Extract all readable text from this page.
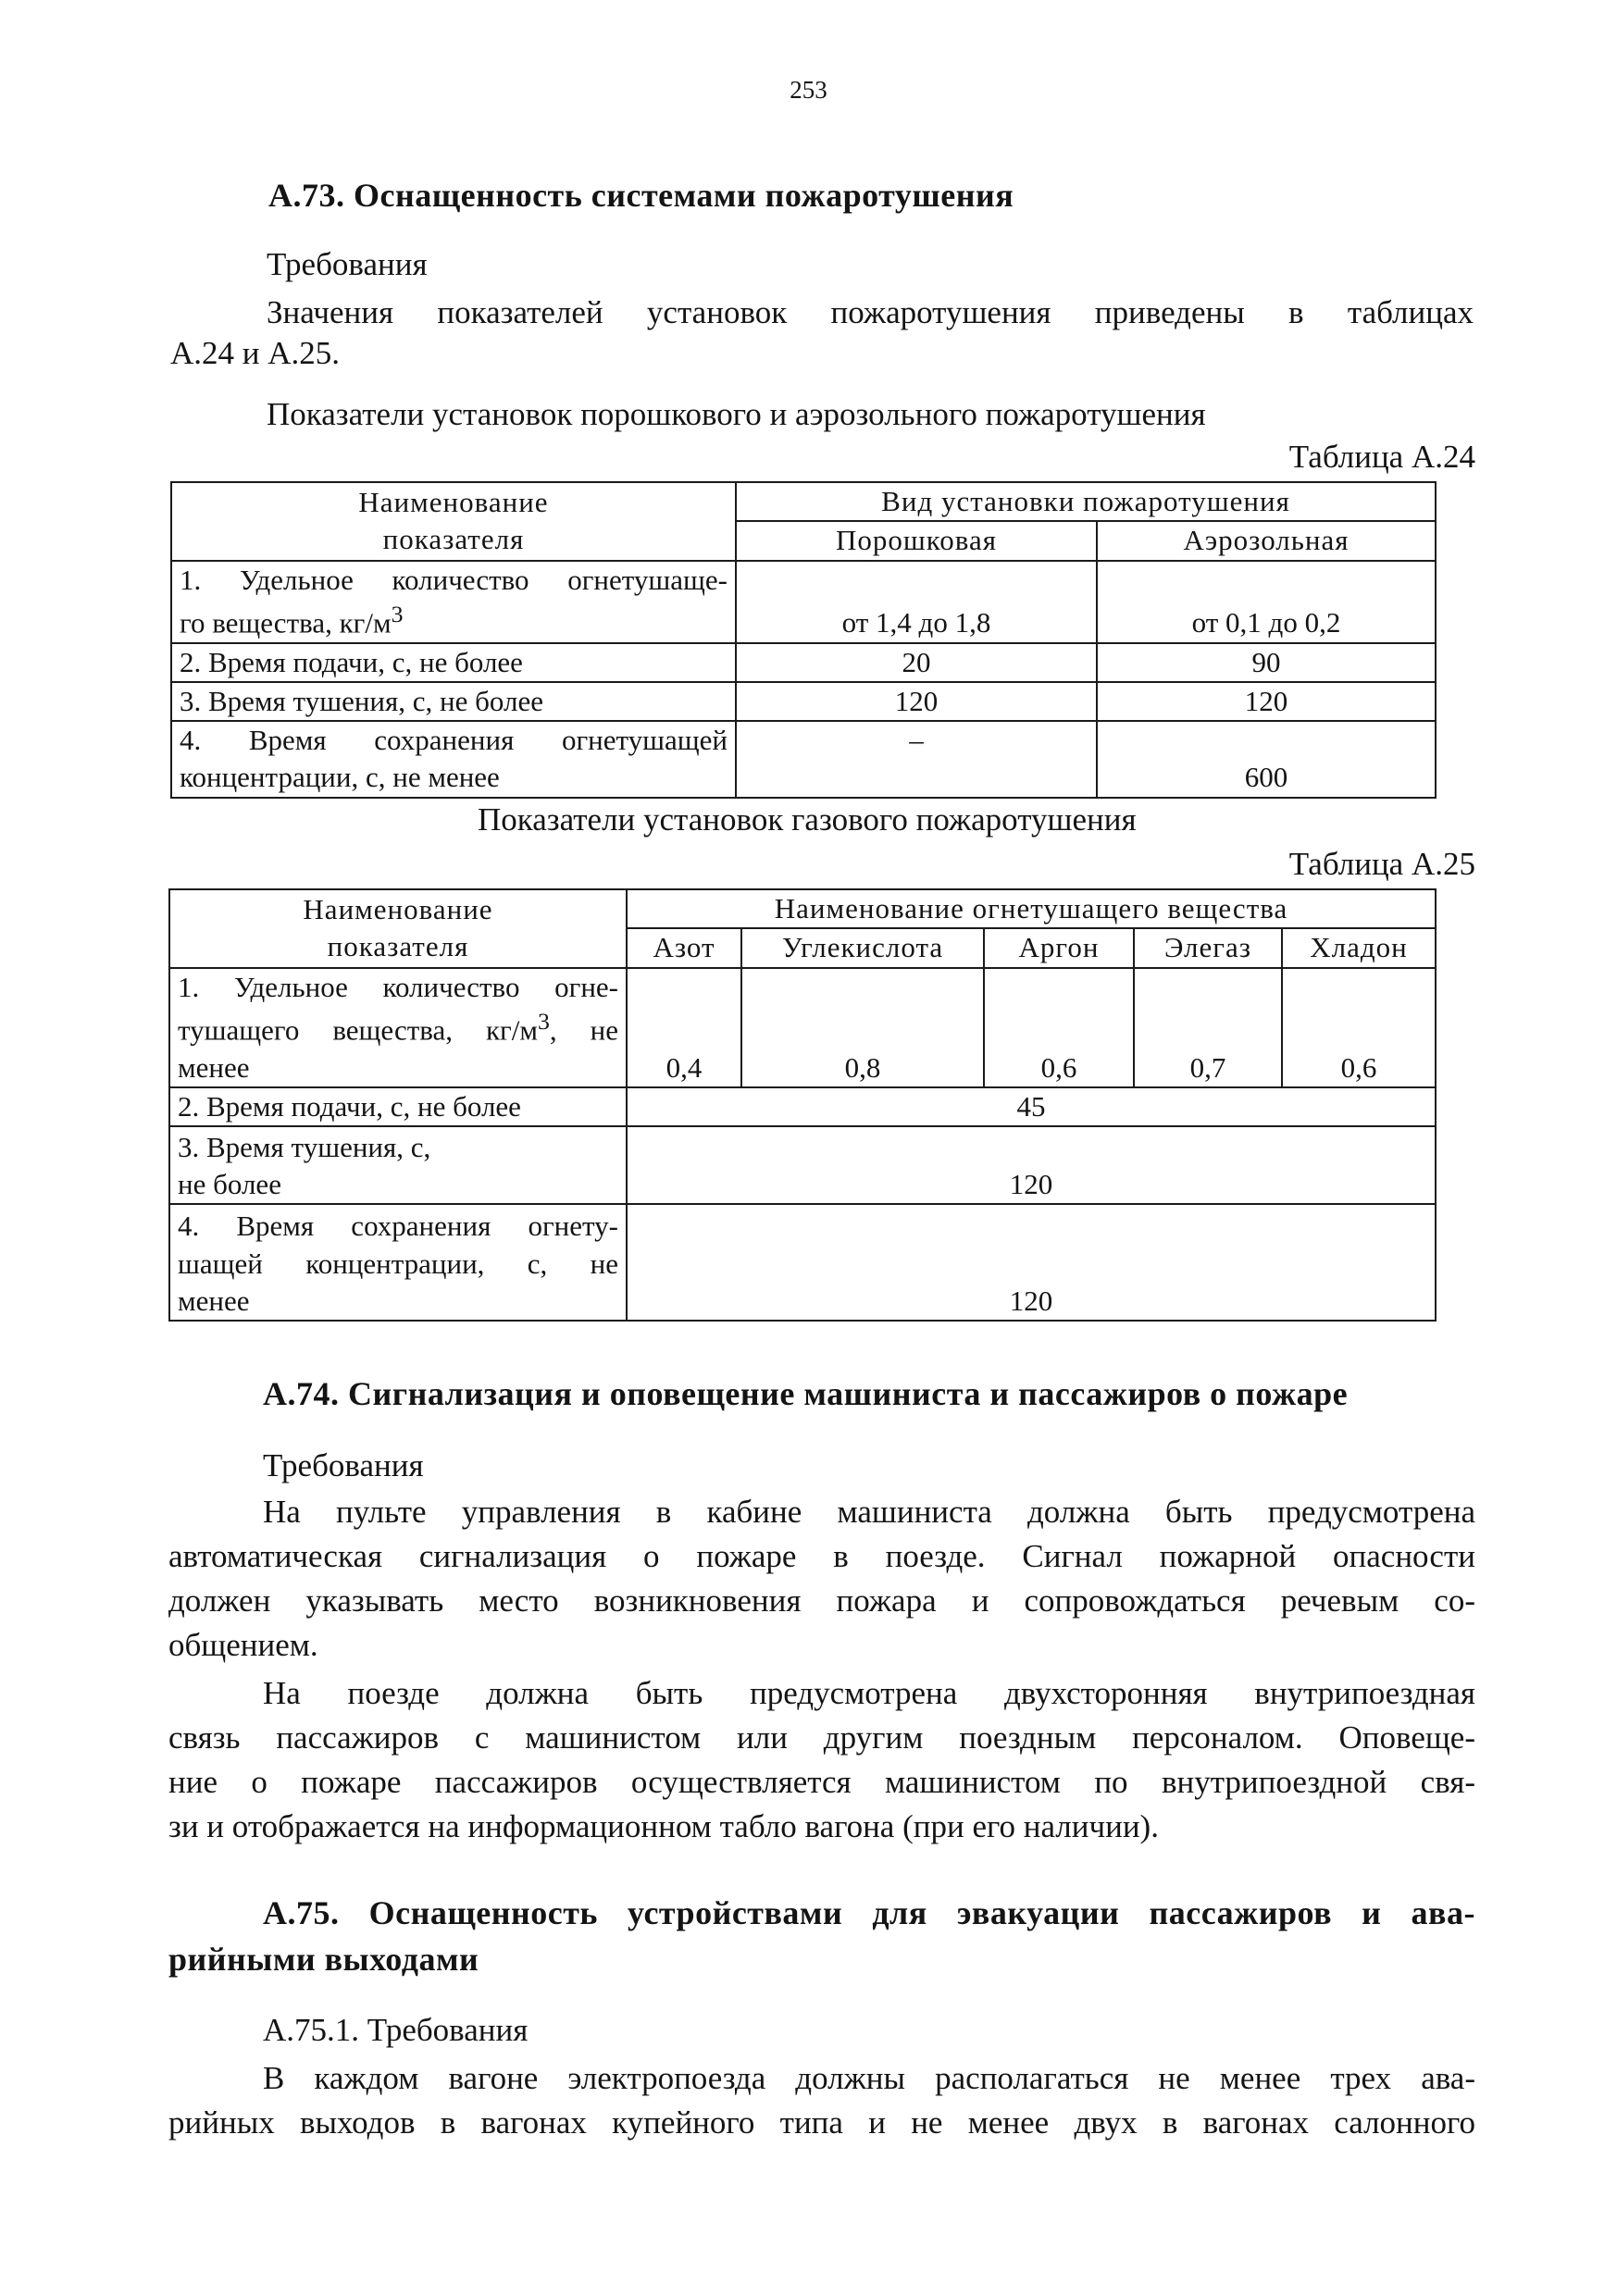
253
А.73. Оснащенность системами пожаротушения
Требования
Значения показателей установок пожаротушения приведены в таблицах
А.24 и А.25.
Показатели установок порошкового и аэрозольного пожаротушения
Таблица А.24
Наименование
показателя	Вид установки пожаротушения	
	Порошковая	Аэрозольная

1. Удельное количество огнетушаще-
го вещества, $кг/м^3$	от 1,4 до 1,8	от 0,1 до 0,2
2. Время подачи, с, не более	20	90
3. Время тушения, с, не более	120	120

4. Время сохранения огнетушащей
концентрации, с, не менее	–	600
Показатели установок газового пожаротушения
Таблица А.25
Наименование
показателя	Наименование огнетушащего вещества				
	Азот	Углекислота	Аргон	Элегаз	Хладон

1. Удельное количество огне-
тушащего вещества, $кг/м^3$, не
менее	0,4	0,8	0,6	0,7	0,6
2. Время подачи, с, не более	45				

3. Время тушения, с,
не более	120				

4. Время сохранения огнету-
шащей концентрации, с, не
менее	120				
А.74. Сигнализация и оповещение машиниста и пассажиров о пожаре
Требования
На пульте управления в кабине машиниста должна быть предусмотрена
автоматическая сигнализация о пожаре в поезде. Сигнал пожарной опасности
должен указывать место возникновения пожара и сопровождаться речевым со-
общением.
На поезде должна быть предусмотрена двухсторонняя внутрипоездная
связь пассажиров с машинистом или другим поездным персоналом. Оповеще-
ние о пожаре пассажиров осуществляется машинистом по внутрипоездной свя-
зи и отображается на информационном табло вагона (при его наличии).
А.75. Оснащенность устройствами для эвакуации пассажиров и ава-
рийными выходами
А.75.1. Требования
В каждом вагоне электропоезда должны располагаться не менее трех ава-
рийных выходов в вагонах купейного типа и не менее двух в вагонах салонного
